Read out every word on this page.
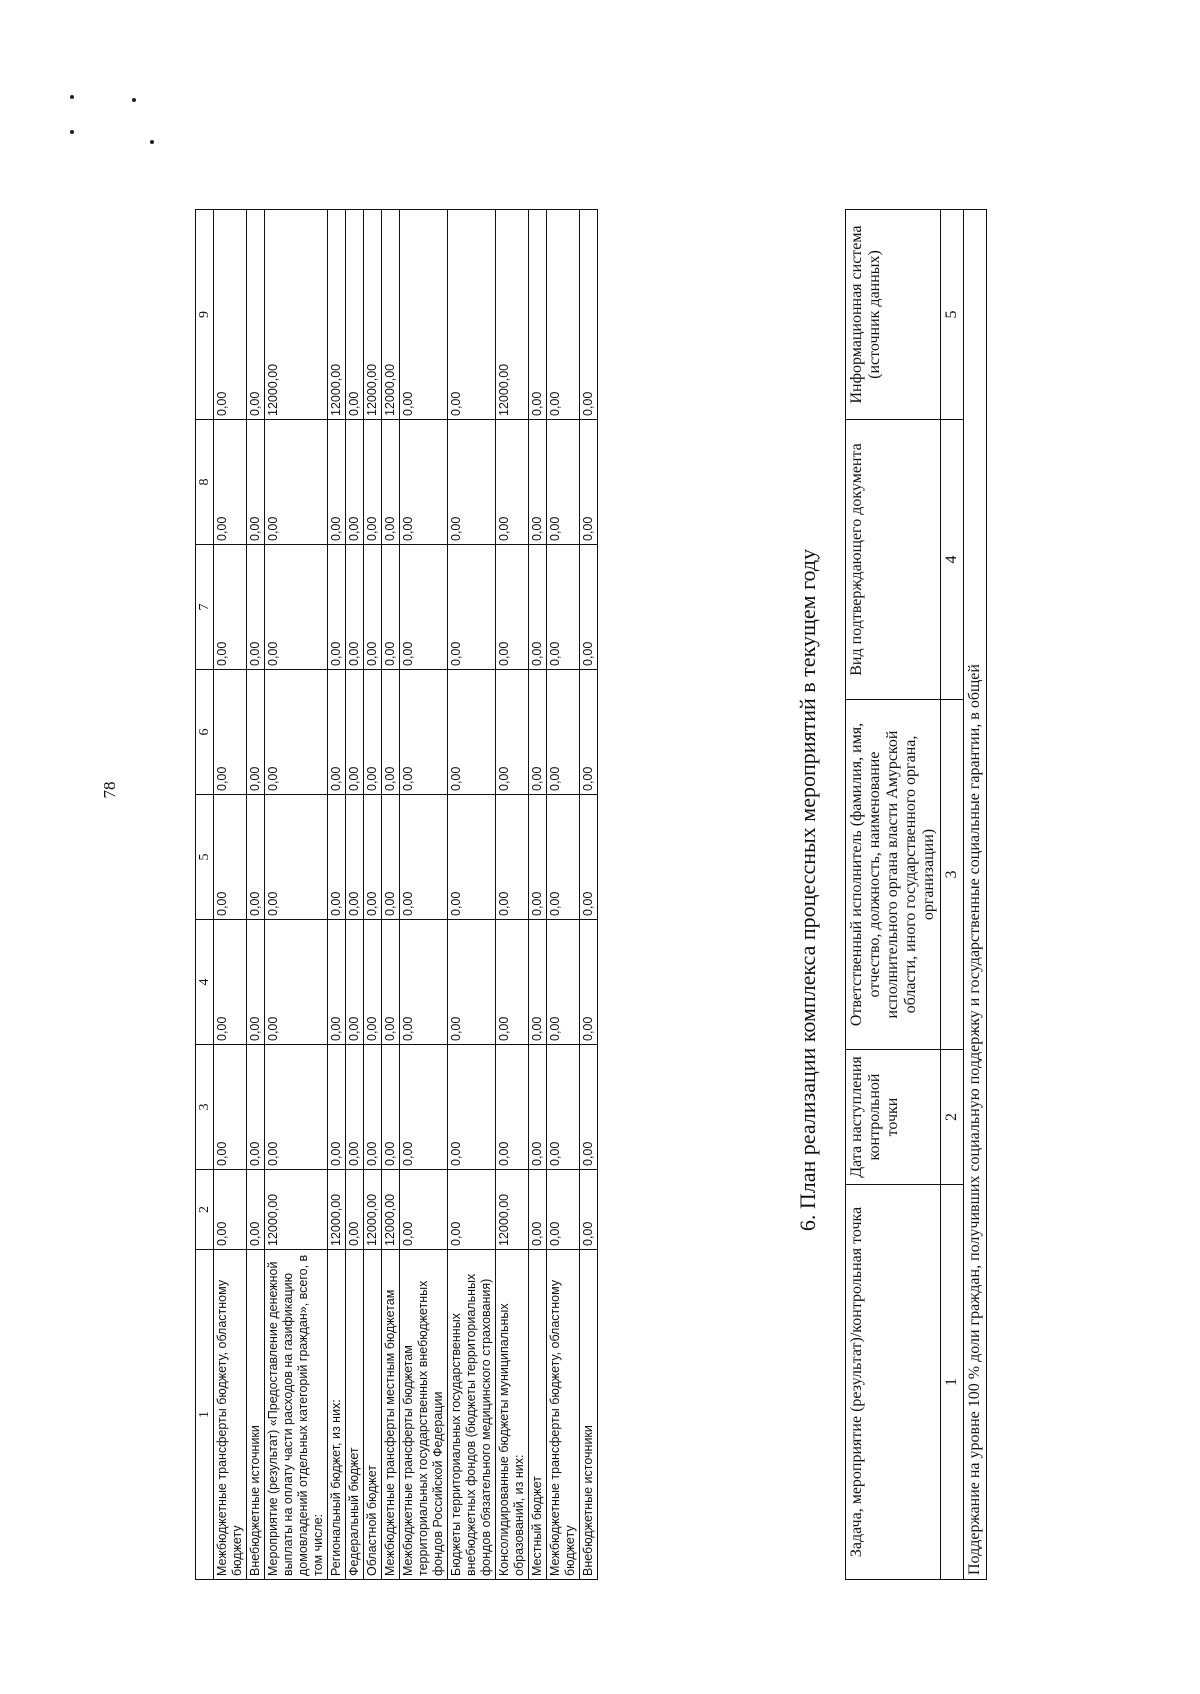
78
1	2	3	4	5	6	7	8	9
Межбюджетные трансферты бюджету, областному бюджету	0,00	0,00	0,00	0,00	0,00	0,00	0,00	0,00
Внебюджетные источники	0,00	0,00	0,00	0,00	0,00	0,00	0,00	0,00
Мероприятие (результат) «Предоставление денежной выплаты на оплату части расходов на газификацию домовладений отдельных категорий граждан», всего, в том числе:	12000,00	0,00	0,00	0,00	0,00	0,00	0,00	12000,00
Региональный бюджет, из них:	12000,00	0,00	0,00	0,00	0,00	0,00	0,00	12000,00
Федеральный бюджет	0,00	0,00	0,00	0,00	0,00	0,00	0,00	0,00
Областной бюджет	12000,00	0,00	0,00	0,00	0,00	0,00	0,00	12000,00
Межбюджетные трансферты местным бюджетам	12000,00	0,00	0,00	0,00	0,00	0,00	0,00	12000,00
Межбюджетные трансферты бюджетам территориальных государственных внебюджетных фондов Российской Федерации	0,00	0,00	0,00	0,00	0,00	0,00	0,00	0,00
Бюджеты территориальных государственных внебюджетных фондов (бюджеты территориальных фондов обязательного медицинского страхования)	0,00	0,00	0,00	0,00	0,00	0,00	0,00	0,00
Консолидированные бюджеты муниципальных образований, из них:	12000,00	0,00	0,00	0,00	0,00	0,00	0,00	12000,00
Местный бюджет	0,00	0,00	0,00	0,00	0,00	0,00	0,00	0,00
Межбюджетные трансферты бюджету, областному бюджету	0,00	0,00	0,00	0,00	0,00	0,00	0,00	0,00
Внебюджетные источники	0,00	0,00	0,00	0,00	0,00	0,00	0,00	0,00
6. План реализации комплекса процессных мероприятий в текущем году
Задача, мероприятие (результат)/контрольная точка	Дата наступления контрольной точки	Ответственный исполнитель (фамилия, имя, отчество, должность, наименование исполнительного органа власти Амурской области, иного государственного органа, организации)	Вид подтверждающего документа	Информационная система (источник данных)
1	2	3	4	5
Поддержание на уровне 100 % доли граждан, получивших социальную поддержку и государственные социальные гарантии, в общей				
